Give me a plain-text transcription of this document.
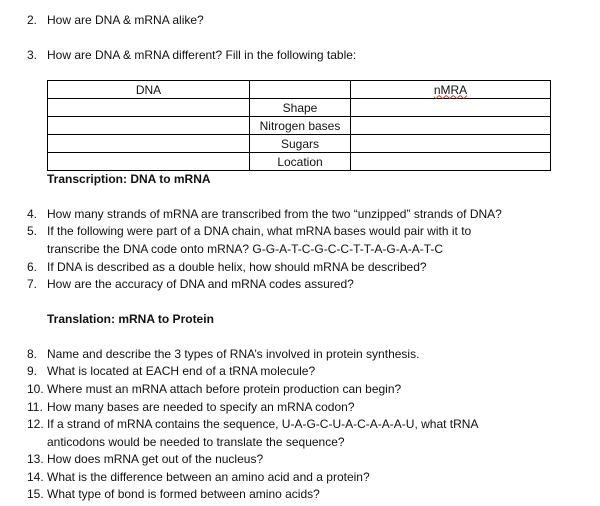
2. How are DNA & mRNA alike?
3. How are DNA & mRNA different? Fill in the following table:
DNA		nMRA
	Shape	
	Nitrogen bases	
	Sugars	
	Location	
Transcription: DNA to mRNA
4. How many strands of mRNA are transcribed from the two “unzipped” strands of DNA?
5. If the following were part of a DNA chain, what mRNA bases would pair with it to
transcribe the DNA code onto mRNA? G-G-A-T-C-G-C-C-T-T-A-G-A-A-T-C
6. If DNA is described as a double helix, how should mRNA be described?
7. How are the accuracy of DNA and mRNA codes assured?
Translation: mRNA to Protein
8. Name and describe the 3 types of RNA’s involved in protein synthesis.
9. What is located at EACH end of a tRNA molecule?
10. Where must an mRNA attach before protein production can begin?
11. How many bases are needed to specify an mRNA codon?
12. If a strand of mRNA contains the sequence, U-A-G-C-U-A-C-A-A-A-U, what tRNA
anticodons would be needed to translate the sequence?
13. How does mRNA get out of the nucleus?
14. What is the difference between an amino acid and a protein?
15. What type of bond is formed between amino acids?
